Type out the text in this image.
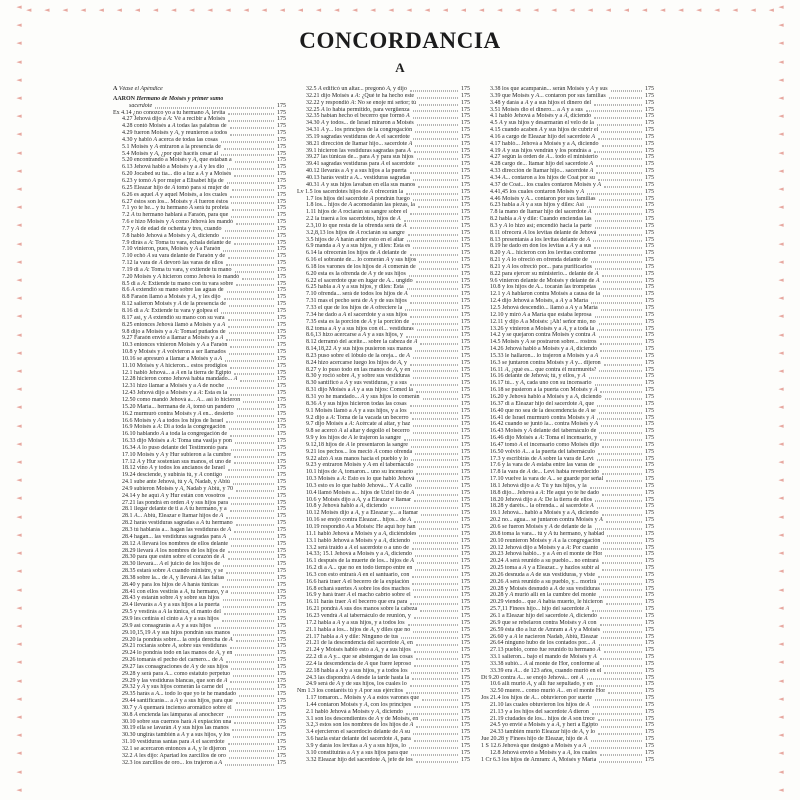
◄
◄
◄
◄
◄
◄
◄
◄
◄
◄
◄
◄
◄
◄
◄
◄
◄
◄
◄
◄
◄
◄
◄
◄
◄
◄
◄
◄
◄
◄
◄
◄
◄
◄
◄
◄
◄
◄
◄
◄
◄
◄
◄
◄
◄
◄
◄
◄
◄
◄
◄
◄
◄
◄
◄
◄
◄
◄
◄
◄
◄
◄
◄
◄
◄
◄
◄
◄
◄
◄
◄
◄
◄
◄
◄
◄
◄
◄
◄
◄
◄
◄
◄
◄
◄
◄
◄
◄
◄ ◄ ◄ ◄ ◄ ◄ ◄ ◄ ◄ ◄ ◄ ◄ ◄ ◄ ◄ ◄ ◄ ◄ ◄ ◄ ◄ ◄ ◄ ◄ ◄ ◄ ◄ ◄ ◄ ◄ ◄ ◄ ◄ ◄ ◄ ◄ ◄ ◄ ◄ ◄ ◄ ◄
CONCORDANCIA
A
A Véase el Apéndice
AARÓN Hermano de Moisés y primer sumo
sacerdote	175
Ex 4.14 ¿no conozco yo a tu hermano A, levita	175
4.27 Jehová dijo a A: Vé a recibir a Moisés	175
4.28 contó Moisés a A todas las palabras de	175
4.29 fueron Moisés y A, y reunieron a todos	175
4.30 y habló A acerca de todas las cosas	175
5.1 Moisés y A entraron a la presencia de	175
5.4 Moisés y A, ¿por qué hacéis cesar al	175
5.20 encontrando a Moisés y A, que estaban a	175
6.13 Jehová habló a Moisés y a A y les dio	175
6.20 Jocabed su tía... dio a luz a A y a Moisés	175
6.23 y tomó A por mujer a Elisabet hija de	175
6.25 Eleazar hijo de A tomó para sí mujer de	175
6.26 es aquel A y aquel Moisés, a los cuales	175
6.27 éstos son los... Moisés y A fueron éstos	175
7.1 yo te he... y tu hermano A será tu profeta	175
7.2 A tu hermano hablará a Faraón, para que	175
7.6 e hizo Moisés y A como Jehová les mandó	175
7.7 y A de edad de ochenta y tres, cuando	175
7.8 habló Jehová a Moisés y A, diciendo	175
7.9 dirás a A: Toma tu vara, échala delante de	175
7.10 vinieron, pues, Moisés y A a Faraón	175
7.10 echó A su vara delante de Faraón y de	175
7.12 la vara de A devoró las varas de ellos	175
7.19 di a A: Toma tu vara, y extiende tu mano	175
7.20 Moisés y A hicieron como Jehová lo mandó	175
8.5 di a A: Extiende tu mano con tu vara sobre	175
8.6 A extendió su mano sobre las aguas de	175
8.8 Faraón llamó a Moisés y A, y les dijo	175
8.12 salieron Moisés y A de la presencia de	175
8.16 di a A: Extiende tu vara y golpea el	175
8.17 así, y A extendió su mano con su vara	175
8.25 entonces Jehová llamó a Moisés y a A	175
9.8 dijo a Moisés y a A: Tomad puñados de	175
9.27 Faraón envió a llamar a Moisés y a A	175
10.3 entonces vinieron Moisés y A a Faraón	175
10.8 y Moisés y A volvieron a ser llamados	175
10.16 se apresuró a llamar a Moisés y a A	175
11.10 Moisés y A hicieron... estos prodigios	175
12.1 habló Jehová... a A en la tierra de Egipto	175
12.28 hicieron como Jehová había mandado... A	175
12.31 hizo llamar a Moisés y a A de noche	175
12.43 Jehová dijo a Moisés y a A: Esta es la	175
12.50 como mandó Jehová a... A... así lo hicieron	175
15.20 María... hermana de A, tomó un pandero	175
16.2 murmuró contra Moisés y A en... desierto	175
16.6 Moisés y A a todos los hijos de Israel	175
16.9 Moisés a A: Di a toda la congregación	175
16.10 hablando A a toda la congregación de	175
16.33 dijo Moisés a A: Toma una vasija y pon	175
16.34 A lo puso delante del Testimonio para	175
17.10 Moisés y A y Hur subieron a la cumbre	175
17.12 A y Hur sostenían sus manos, el uno de	175
18.12 vino A y todos los ancianos de Israel	175
19.24 desciende, y subirás tú, y A contigo	175
24.1 sube ante Jehová, tú y A, Nadab, y Abiú	175
24.9 subieron Moisés y A, Nadab y Abiú, y 70	175
24.14 y he aquí A y Hur están con vosotros	175
27.21 las pondrá en orden A y sus hijos para	175
28.1 llegar delante de ti a A tu hermano, y a	175
28.1 A... Abiú, Eleazar e Itamar hijos de A	175
28.2 harás vestiduras sagradas a A tu hermano	175
28.3 tú hablarás a... hagan las vestiduras de A	175
28.4 hagan... las vestiduras sagradas para A	175
28.12 A llevará los nombres de ellos delante	175
28.29 llevará A los nombres de los hijos de	175
28.30 para que estén sobre el corazón de A	175
28.30 llevará... A el juicio de los hijos de	175
28.35 estará sobre A cuando ministre, y se	175
28.38 sobre la... de A, y llevará A las faltas	175
28.40 y para los hijos de A harás túnicas	175
28.41 con ellos vestirás a A, tu hermano, y a	175
28.43 y estarán sobre A y sobre sus hijos	175
29.4 llevarás a A y a sus hijos a la puerta	175
29.5 y vestirás a A la túnica, el manto del	175
29.9 les ceñirás el cinto a A y a sus hijos	175
29.9 así consagrarás a A y a sus hijos	175
29.10,15,19 A y sus hijos pondrán sus manos	175
29.20 la pondrás sobre... la oreja derecha de A	175
29.21 rociarás sobre A, sobre sus vestiduras	175
29.24 lo pondrás todo en las manos de A, y en	175
29.26 tomarás el pecho del carnero... de A	175
29.27 las consagraciones de A y de sus hijos	175
29.28 y será para A... como estatuto perpetuo	175
29.29 y las vestiduras blancas, que son de A	175
29.32 y A y sus hijos comerán la carne del	175
29.35 harás a A... todo lo que yo te he mandado	175
29.44 santificarás... a A y a sus hijos, para que	175
30.7 y A quemará incienso aromático sobre él	175
30.8 A encienda las lámparas al anochecer	175
30.10 sobre sus cuernos hará A expiación una	175
30.19 ella se lavarán A y sus hijos las manos	175
30.30 ungirás también a A y a sus hijos, y los	175
31.10 vestiduras santas para A el sacerdote	175
32.1 se acercaron entonces a A, y le dijeron	175
32.2 A les dijo: Apartad los zarcillos de oro	175
32.3 los zarcillos de oro... los trajeron a A	175
32.5 A edificó un altar... pregonó A, y dijo	175
32.21 dijo Moisés a A: ¿Qué te ha hecho este	175
32.22 y respondió A: No se enoje mi señor; tú	175
32.25 A lo había permitido, para vergüenza	175
32.35 habían hecho el becerro que formó A	175
34.30 A y todos... de Israel miraron a Moisés	175
34.31 A y... los príncipes de la congregación	175
35.19 sagradas vestiduras de A el sacerdote	175
38.21 dirección de Itamar hijo... sacerdote A	175
39.1 hicieron las vestiduras sagradas para A	175
39.27 las túnicas de... para A y para sus hijos	175
39.41 sagradas vestiduras para A el sacerdote	175
40.12 llevarás a A y a sus hijos a la puerta	175
40.13 harás vestir a A... vestiduras sagradas	175
40.31 A y sus hijos lavaban en ella sus manos	175
Lv 1.5 los sacerdotes hijos de A ofrecerán la	175
1.7 los hijos del sacerdote A pondrán fuego	175
1.8 los... hijos de A acomodarán las piezas, la	175
1.11 hijos de A rociarán su sangre sobre el	175
2.2 la traerá a los sacerdotes, hijos de A	175
2.3,10 lo que resta de la ofrenda será de A	175
3.2,8,13 los hijos de A rociarán su sangre	175
3.5 hijos de A harán arder esto en el altar	175
6.9 manda a A y a sus hijos, y diles: Esta es	175
6.14 la ofrecerán los hijos de A delante de	175
6.16 el sobrante de... lo comerán A y sus hijos	175
6.18 los varones de los hijos de A comerán de	175
6.20 esta es la ofrenda de A y de sus hijos	175
6.22 el sacerdote que en lugar de A... ungido	175
6.25 habla a A y a sus hijos, y diles: Esta	175
7.10 ofrenda... será de todos los hijos de A	175
7.31 mas el pecho será de A y de sus hijos	175
7.33 el que de los hijos de A ofreciere la	175
7.34 he dado a A el sacerdote y a sus hijos	175
7.35 esta es la porción de A y la porción de	175
8.2 toma a A y a sus hijos con él... vestiduras	175
8.6,13 hizo acercarse a A y a sus hijos, y	175
8.12 derramó del aceite... sobre la cabeza de A	175
8.14,18,22 A y sus hijos pusieron sus manos	175
8.23 puso sobre el lóbulo de la oreja... de A	175
8.24 hizo acercarse luego los hijos de A, y	175
8.27 y lo puso todo en las manos de A, y en	175
8.30 y roció sobre A, y sobre sus vestiduras	175
8.30 santificó a A y sus vestiduras, y a sus	175
8.31 dijo Moisés a A y a sus hijos: Comed la	175
8.31 yo he mandado... A y sus hijos lo comerán	175
8.36 A y sus hijos hicieron todas las cosas	175
9.1 Moisés llamó a A y a sus hijos, y a los	175
9.2 dijo a A: Toma de la vacada un becerro	175
9.7 dijo Moisés a A: Acércate al altar, y haz	175
9.8 se acercó A al altar y degolló el becerro	175
9.9 y los hijos de A le trajeron la sangre	175
9.12,18 hijos de A le presentaron la sangre	175
9.21 los pechos... los meció A como ofrenda	175
9.22 alzó A sus manos hacia el pueblo y lo	175
9.23 y entraron Moisés y A en el tabernáculo	175
10.1 hijos de A, tomaron... uno su incensario	175
10.3 Moisés a A: Esto es lo que habló Jehová	175
10.3 esto es lo que habló Jehová... Y A calló	175
10.4 llamó Moisés a... hijos de Uziel tío de A	175
10.6 y Moisés dijo a A, y a Eleazar e Itamar	175
10.8 y Jehová habló a A, diciendo	175
10.12 Moisés dijo a A, y a Eleazar y... a Itamar	175
10.16 se enojó contra Eleazar... hijos... de A	175
10.19 respondió A a Moisés: He aquí hoy han	175
11.1 habló Jehová a Moisés y a A, diciéndoles	175
13.1 habló Jehová a Moisés y a A, diciendo	175
13.2 será traído a A el sacerdote o a uno de	175
14.33; 15.1 Jehová a Moisés y a A, diciendo	175
16.1 después de la muerte de los... hijos de A	175
16.2 di a A... que no en todo tiempo entre en	175
16.3 con esto entrará A en el santuario, con	175
16.6 hará traer A el becerro de la expiación	175
16.8 echará suertes A sobre los dos machos	175
16.9 y hará traer A el macho cabrío sobre el	175
16.11 harás traer A el becerro que era para	175
16.21 pondrá A sus dos manos sobre la cabeza	175
16.23 vendrá A al tabernáculo de reunión, y	175
17.2 habla a A y a sus hijos, y a todos los	175
21.1 habla a los... hijos de A, y diles que no	175
21.17 habla a A y dile: Ninguno de tus	175
21.21 de la descendencia del sacerdote A, en	175
21.24 y Moisés habló esto a A, y a sus hijos	175
22.2 di a A y... que se abstengan de las cosas	175
22.4 la descendencia de A que fuere leproso	175
22.18 habla a A y a sus hijos, y a todos los	175
24.3 las dispondrá A desde la tarde hasta la	175
24.9 será de A y de sus hijos, los cuales lo	175
Nm 1.3 los contaréis tú y A por sus ejércitos	175
1.17 tomaron... Moisés y A a estos varones que	175
1.44 contaron Moisés y A, con los príncipes	175
2.1 habló Jehová a Moisés y A, diciendo	175
3.1 son los descendientes de A y de Moisés, en	175
3.2,3 estos son los nombres de los hijos de A	175
3.4 ejercieron el sacerdocio delante de A su	175
3.6 hazla estar delante del sacerdote A, para	175
3.9 y darás los levitas a A y a sus hijos, lo	175
3.10 constituirás a A y a sus hijos para que	175
3.32 Eleazar hijo del sacerdote A, jefe de los	175
3.38 los que acamparán... serán Moisés y A y sus	175
3.39 que Moisés y A... contaron por sus familias	175
3.48 y darás a A y a sus hijos el dinero del	175
3.51 Moisés dio el dinero... a A y a sus	175
4.1 habló Jehová a Moisés y a A, diciendo	175
4.5 A y sus hijos y desarmarán el velo de la	175
4.15 cuando acaben A y sus hijos de cubrir el	175
4.16 a cargo de Eleazar hijo del sacerdote A	175
4.17 habló... Jehová a Moisés y a A, diciendo	175
4.19 A y sus hijos vendrán y los pondrás a	175
4.27 según la orden de A... todo el ministerio	175
4.28 cargo de... Itamar hijo del sacerdote A	175
4.33 dirección de Itamar hijo... sacerdote A	175
4.34 A... contaron a los hijos de Coat por su	175
4.37 de Coat... los cuales contaron Moisés y A	175
4.41,45 los cuales contaron Moisés y A	175
4.46 Moisés y A... contaron por sus familias	175
6.23 habla a A y a sus hijos y diles: Así	175
7.8 la mano de Itamar hijo del sacerdote A	175
8.2 habla a A y dile: Cuando enciendas las	175
8.3 y A lo hizo así; encendió hacia la parte	175
8.11 ofrecerá A los levitas delante de Jehová	175
8.13 presentarás a los levitas delante de A	175
8.19 he dado en don los levitas a A y a sus	175
8.20 y A... hicieron con los levitas conforme	175
8.21 y A lo ofreció en ofrenda delante de	175
8.21 y A los ofreció por... para purificarlos	175
8.22 para ejercer su ministerio... delante de A	175
9.6 vinieron delante de Moisés y delante de A	175
10.8 y los hijos de A... tocarán las trompetas	175
12.1 y A hablaron contra Moisés a causa de la	175
12.4 dijo Jehová a Moisés, a A y a María	175
12.5 Jehová descendió... llamó a A y a María	175
12.10 y miró A a María que estaba leprosa	175
12.11 y dijo A a Moisés: ¡Ah! señor mío, no	175
13.26 y vinieron a Moisés y a A, y a toda la	175
14.2 y se quejaron contra Moisés y contra A	175
14.5 Moisés y A se postraron sobre... rostros	175
14.26 Jehová habló a Moisés y a A, diciendo	175
15.33 le hallaron... lo trajeron a Moisés y a A	175
16.3 se juntaron contra Moisés y A y... dijeron	175
16.11 A, ¿qué es... que contra él murmuréis?	175
16.16 delante de Jehová; tú, y ellos, y A	175
16.17 tú... y A, cada uno con su incensario	175
16.18 se pusieron a la puerta con Moisés y A	175
16.20 y Jehová habló a Moisés y a A, diciendo	175
16.37 di a Eleazar hijo del sacerdote A, que	175
16.40 que no sea de la descendencia de A se	175
16.41 de Israel murmuró contra Moisés y A	175
16.42 cuando se juntó la... contra Moisés y A	175
16.43 Moisés y A delante del tabernáculo de	175
16.46 dijo Moisés a A: Toma el incensario, y	175
16.47 tomó A el incensario como Moisés dijo	175
16.50 volvió A... a la puerta del tabernáculo	175
17.3 y escribirás de A sobre la vara de Leví	175
17.6 y la vara de A estaba entre las varas de	175
17.8 la vara de A de... Leví había reverdecido	175
17.10 vuelve la vara de A... se guarde por señal	175
18.1 Jehová dijo a A: Tú y tus hijos, y la	175
18.8 dijo... Jehová a A: He aquí yo te he dado	175
18.20 Jehová dijo a A: De la tierra de ellos	175
18.28 y daréis... la ofrenda... al sacerdote A	175
19.1 Jehová... habló a Moisés y a A, diciendo	175
20.2 no... agua... se juntaron contra Moisés y A	175
20.6 se fueron Moisés y A de delante de la	175
20.8 toma la vara... tú y A tu hermano, y hablad	175
20.10 reunieron Moisés y A a la congregación	175
20.12 Jehová dijo a Moisés y a A: Por cuanto	175
20.23 Jehová habló... y a A en el monte de Hor	175
20.24 A será reunido a su pueblo... no entrará	175
20.25 toma a A y a Eleazar... y hazlos subir al	175
20.26 desnuda a A de sus vestiduras, y viste	175
20.26 A será reunido a su pueblo, y... morirá	175
20.28 y Moisés desnudó a A de sus vestiduras	175
20.28 y A murió allí en la cumbre del monte	175
20.29 viendo... que A había muerto, le hicieron	175
25.7,11 Finees hijo... hijo del sacerdote A	175
26.1 a Eleazar hijo del sacerdote A, diciendo	175
26.9 que se rebelaron contra Moisés y A con	175
26.59 ésta dio a luz de Amram a A y a Moisés	175
26.60 y a A le nacieron Nadab, Abiú, Eleazar	175
26.64 ninguno hubo de los contados por... A	175
27.13 pueblo, como fue reunido tu hermano A	175
33.1 salieron... bajo el mando de Moisés y A	175
33.38 subió... A al monte de Hor, conforme al	175
33.39 era A... de 123 años, cuando murió en el	175
Dt 9.20 contra A... se enojó Jehová... oré A	175
10.6 allí murió A, y allí fue sepultado, y en	175
32.50 muere... como murió A... en el monte Hor	175
Jos 21.4 los hijos de A... obtuvieron por suerte	175
21.10 las cuales obtuvieron los hijos de A	175
21.13 y a los hijos del sacerdote A dieron	175
21.19 ciudades de los... hijos de A son trece	175
24.5 yo envié a Moisés y a A, y herí a Egipto	175
24.33 también murió Eleazar hijo de A, y lo	175
Jue 20.28 y Finees hijo de Eleazar, hijo de A	175
1 S 12.6 Jehová que designó a Moisés y a A	175
12.8 Jehová envió a Moisés y a A, los cuales	175
1 Cr 6.3 los hijos de Amram: A, Moisés y María	175
